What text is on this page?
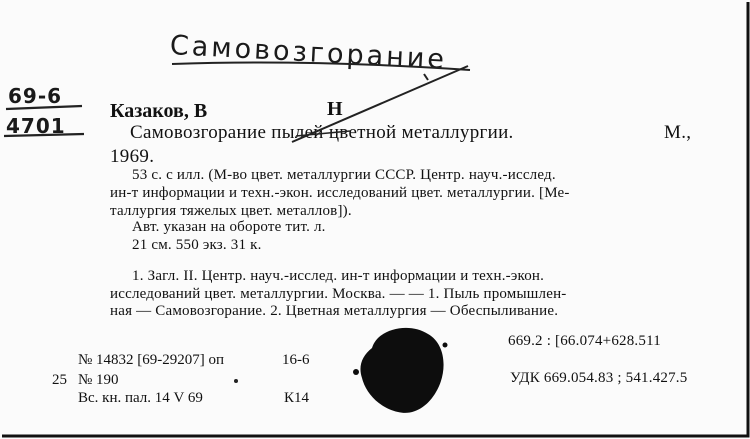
Самовозгорание
69-6
4701
Казаков, В	Н
Самовозгорание пылей цветной металлургии.	М.,
1969.
53 с. с илл. (М-во цвет. металлургии СССР. Центр. науч.-исслед.
ин-т информации и техн.-экон. исследований цвет. металлургии. [Ме-
таллургия тяжелых цвет. металлов]).
Авт. указан на обороте тит. л.
21 см. 550 экз. 31 к.
1. Загл. II. Центр. науч.-исслед. ин-т информации и техн.-экон.
исследований цвет. металлургии. Москва. — — 1. Пыль промышлен-
ная — Самовозгорание. 2. Цветная металлургия — Обеспыливание.
669.2 : [66.074+628.511
УДК 669.054.83 ; 541.427.5
№ 14832 [69-29207] оп	16-6
25 № 190
Вс. кн. пал. 14 V 69	К14
